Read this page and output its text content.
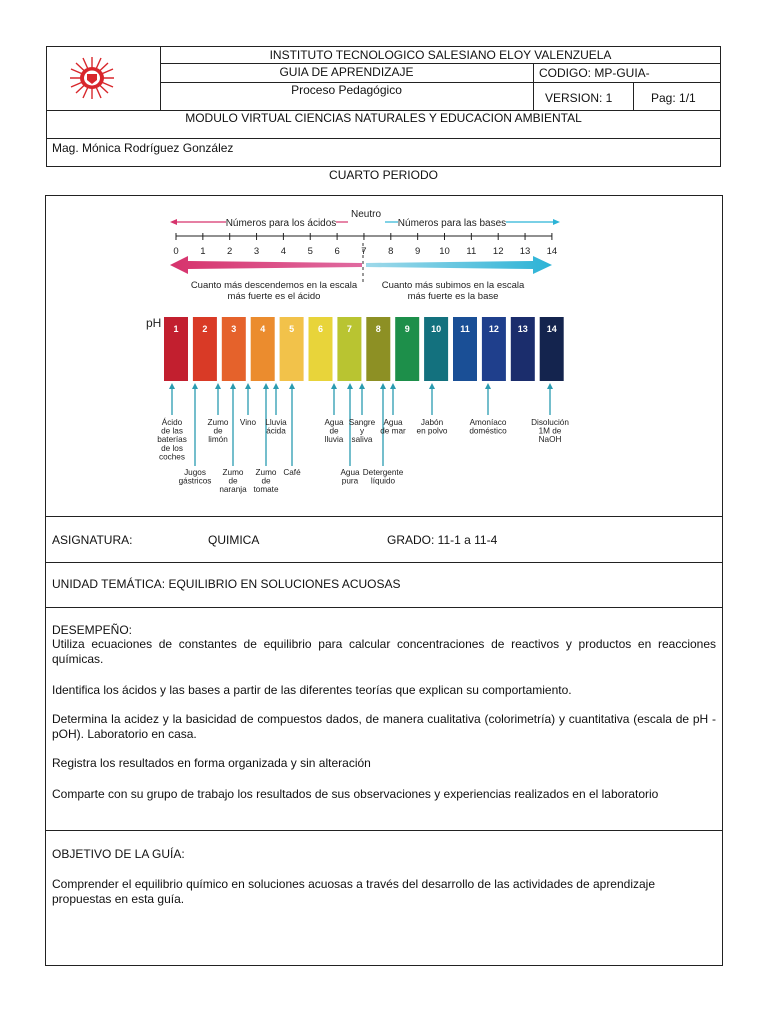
INSTITUTO TECNOLOGICO SALESIANO ELOY VALENZUELA
GUIA DE APRENDIZAJE	CODIGO: MP-GUIA-
Proceso Pedagógico
VERSION: 1	Pag: 1/1
MODULO VIRTUAL CIENCIAS NATURALES Y EDUCACION AMBIENTAL
Mag. Mónica Rodríguez González
CUARTO PERIODO
Números para los ácidos
Neutro
Números para las bases
0 1 2 3 4 5 6 7 8 9 10 11 12 13 14
Cuanto más descendemos en la escala
más fuerte es el ácido
Cuanto más subimos en la escala
más fuerte es la base
pH 1	2	3	4	5	6	7	8	9 10 11 12 13 14
Ácido
de las
baterías
de los
coches
Zumo
de
limón
Vino Lluvia
ácida
Agua
de
lluvia
Sangre
y
saliva
Agua
de mar
Jabón
en polvo
Amoníaco
doméstico
Disolución
1M de
NaOH
Jugos
gástricos
Zumo
de
naranja
Zumo
de
tomate
Café	Agua
pura
Detergente
líquido
ASIGNATURA:	QUIMICA	GRADO: 11-1 a 11-4
UNIDAD TEMÁTICA: EQUILIBRIO EN SOLUCIONES ACUOSAS
DESEMPEÑO:
Utiliza ecuaciones de constantes de equilibrio para calcular concentraciones de reactivos y productos en reacciones químicas.
Identifica los ácidos y las bases a partir de las diferentes teorías que explican su comportamiento.
Determina la acidez y la basicidad de compuestos dados, de manera cualitativa (colorimetría) y cuantitativa (escala de pH - pOH). Laboratorio en casa.
Registra los resultados en forma organizada y sin alteración
Comparte con su grupo de trabajo los resultados de sus observaciones y experiencias realizados en el laboratorio
OBJETIVO DE LA GUÍA:
Comprender el equilibrio químico en soluciones acuosas a través del desarrollo de las actividades de aprendizaje propuestas en esta guía.
